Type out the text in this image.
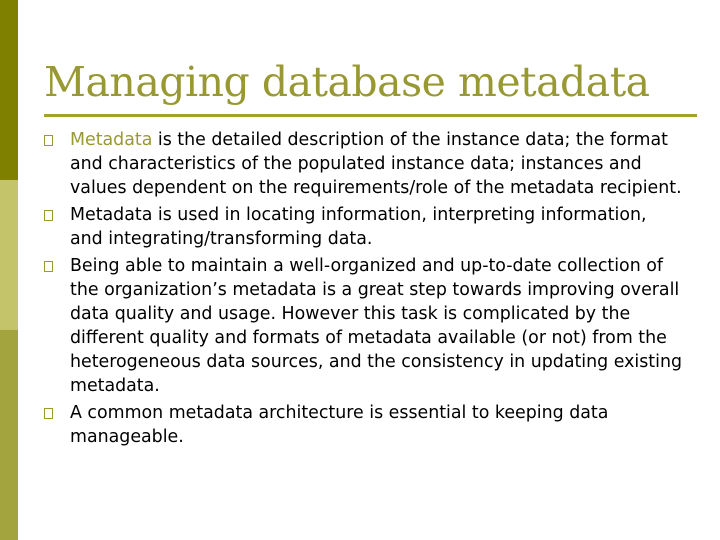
Managing database metadata
Metadata is the detailed description of the instance data; the format and characteristics of the populated instance data; instances and values dependent on the requirements/role of the metadata recipient.
Metadata is used in locating information, interpreting information, and integrating/transforming data.
Being able to maintain a well-organized and up-to-date collection of the organization’s metadata is a great step towards improving overall data quality and usage. However this task is complicated by the different quality and formats of metadata available (or not) from the heterogeneous data sources, and the consistency in updating existing metadata.
A common metadata architecture is essential to keeping data manageable.
